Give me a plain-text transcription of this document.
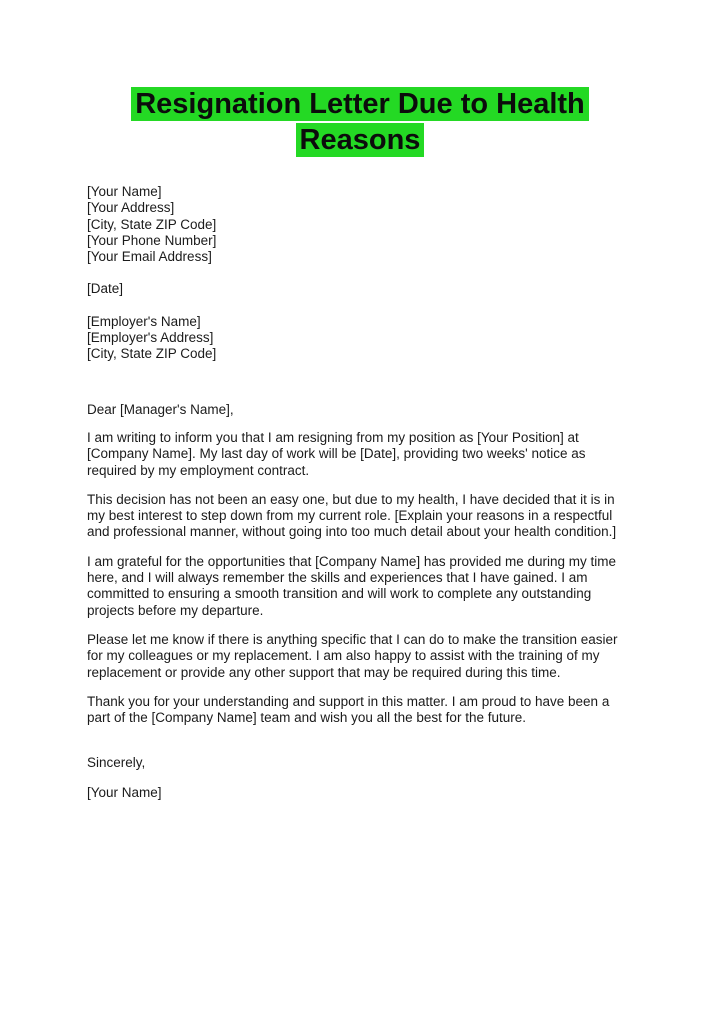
Resignation Letter Due to Health
Reasons
[Your Name]
[Your Address]
[City, State ZIP Code]
[Your Phone Number]
[Your Email Address]
[Date]
[Employer's Name]
[Employer's Address]
[City, State ZIP Code]

Dear [Manager's Name],

I am writing to inform you that I am resigning from my position as [Your Position] at [Company Name]. My last day of work will be [Date], providing two weeks' notice as required by my employment contract.

This decision has not been an easy one, but due to my health, I have decided that it is in my best interest to step down from my current role. [Explain your reasons in a respectful and professional manner, without going into too much detail about your health condition.]

I am grateful for the opportunities that [Company Name] has provided me during my time here, and I will always remember the skills and experiences that I have gained. I am committed to ensuring a smooth transition and will work to complete any outstanding projects before my departure.

Please let me know if there is anything specific that I can do to make the transition easier for my colleagues or my replacement. I am also happy to assist with the training of my replacement or provide any other support that may be required during this time.

Thank you for your understanding and support in this matter. I am proud to have been a part of the [Company Name] team and wish you all the best for the future.

Sincerely,

[Your Name]
